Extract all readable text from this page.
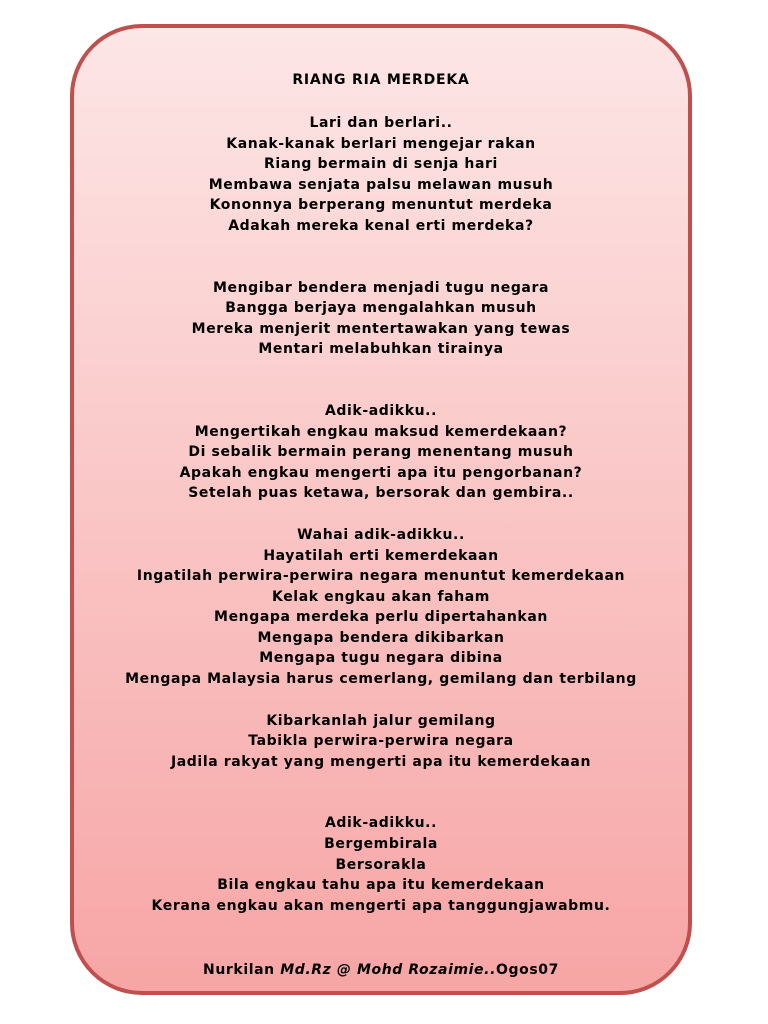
RIANG RIA MERDEKA
Lari dan berlari..
Kanak-kanak berlari mengejar rakan
Riang bermain di senja hari
Membawa senjata palsu melawan musuh
Kononnya berperang menuntut merdeka
Adakah mereka kenal erti merdeka?
Mengibar bendera menjadi tugu negara
Bangga berjaya mengalahkan musuh
Mereka menjerit mentertawakan yang tewas
Mentari melabuhkan tirainya
Adik-adikku..
Mengertikah engkau maksud kemerdekaan?
Di sebalik bermain perang menentang musuh
Apakah engkau mengerti apa itu pengorbanan?
Setelah puas ketawa, bersorak dan gembira..
Wahai adik-adikku..
Hayatilah erti kemerdekaan
Ingatilah perwira-perwira negara menuntut kemerdekaan
Kelak engkau akan faham
Mengapa merdeka perlu dipertahankan
Mengapa bendera dikibarkan
Mengapa tugu negara dibina
Mengapa Malaysia harus cemerlang, gemilang dan terbilang
Kibarkanlah jalur gemilang
Tabikla perwira-perwira negara
Jadila rakyat yang mengerti apa itu kemerdekaan
Adik-adikku..
Bergembirala
Bersorakla
Bila engkau tahu apa itu kemerdekaan
Kerana engkau akan mengerti apa tanggungjawabmu.
Nurkilan Md.Rz @ Mohd Rozaimie..Ogos07
